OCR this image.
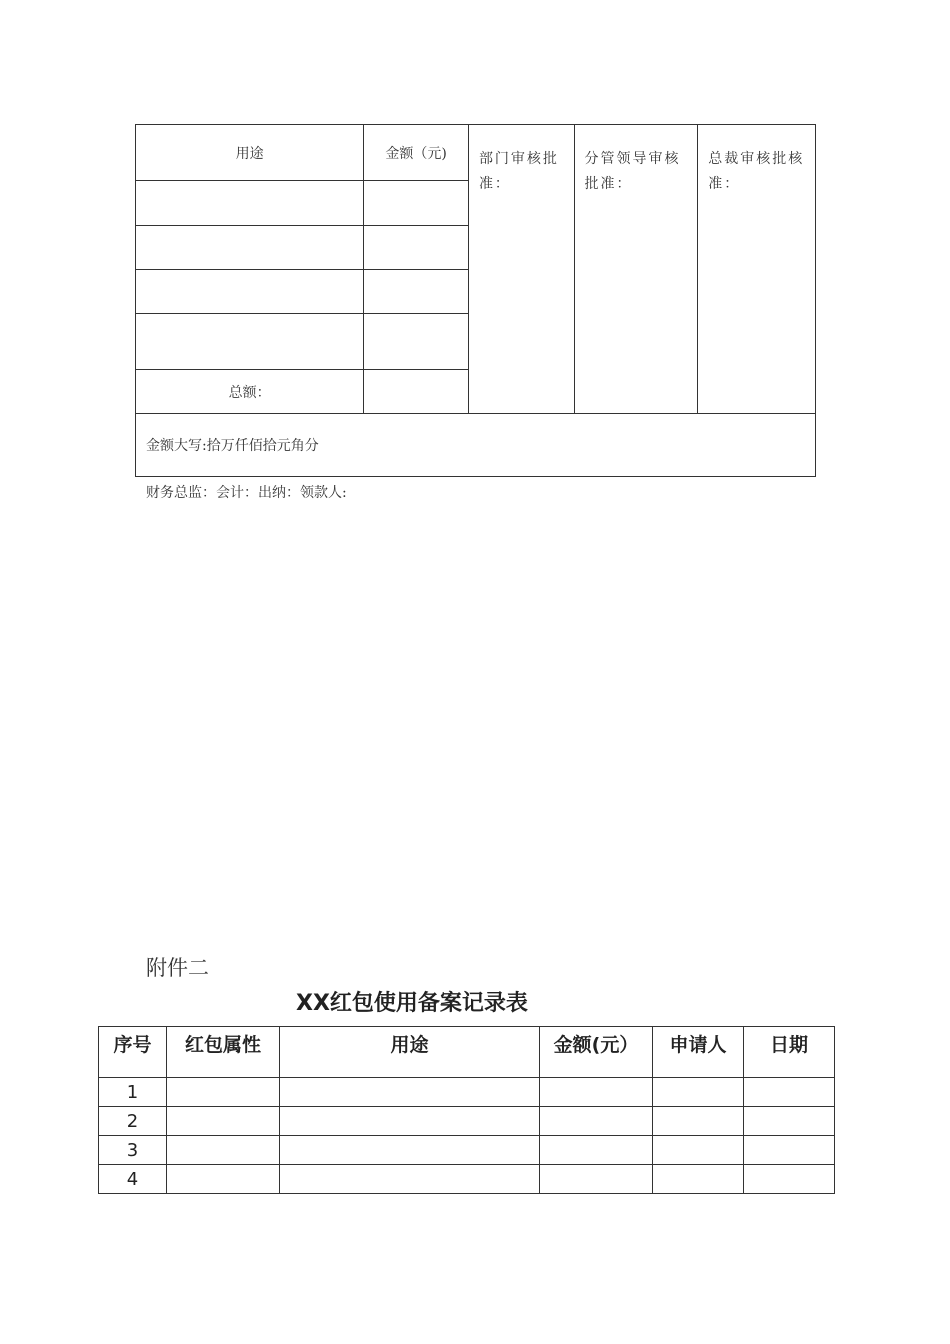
用途	金额（元)	部门审核批准：	分管领导审核批准：	总裁审核批核准：

总额：				
金额大写:拾万仟佰拾元角分				
财务总监：会计：出纳：领款人:
附件二
XX红包使用备案记录表
序号	红包属性	用途	金额(元）	申请人	日期
1					
2					
3					
4					
